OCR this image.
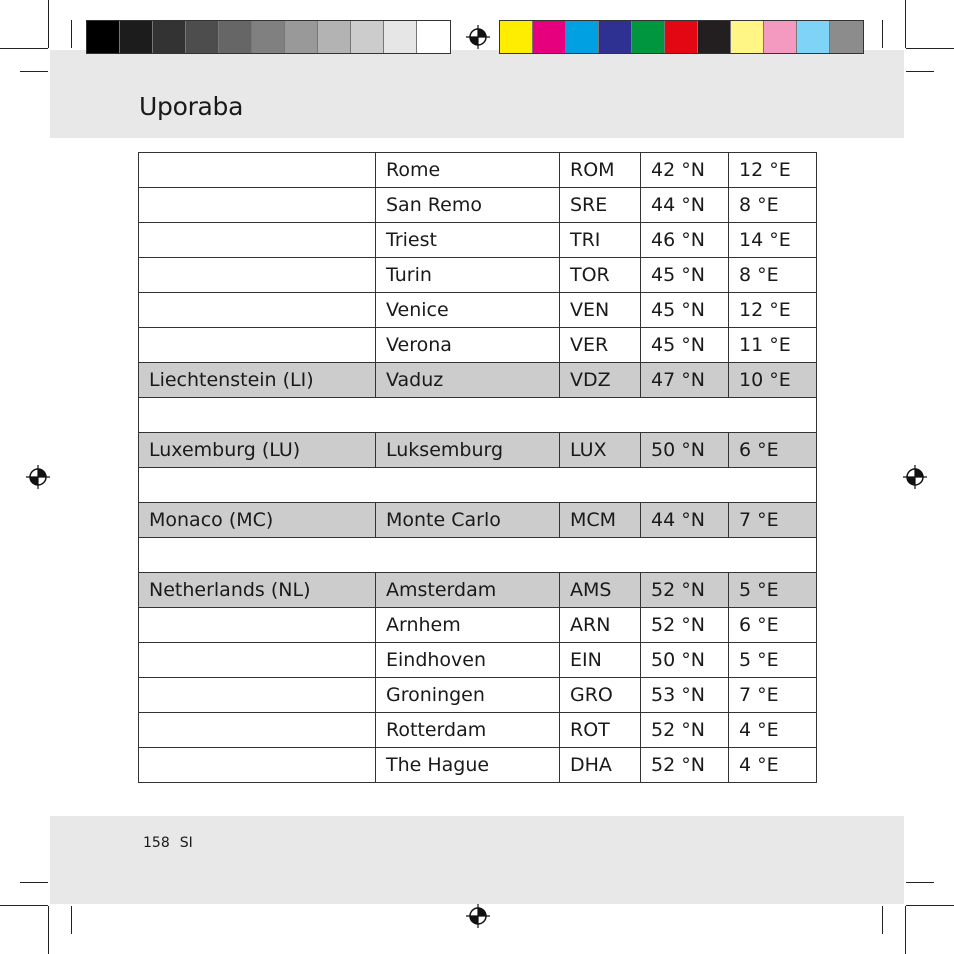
Uporaba
	Rome	ROM	42 °N	12 °E
	San Remo	SRE	44 °N	8 °E
	Triest	TRI	46 °N	14 °E
	Turin	TOR	45 °N	8 °E
	Venice	VEN	45 °N	12 °E
	Verona	VER	45 °N	11 °E
Liechtenstein (LI)	Vaduz	VDZ	47 °N	10 °E

Luxemburg (LU)	Luksemburg	LUX	50 °N	6 °E

Monaco (MC)	Monte Carlo	MCM	44 °N	7 °E

Netherlands (NL)	Amsterdam	AMS	52 °N	5 °E
	Arnhem	ARN	52 °N	6 °E
	Eindhoven	EIN	50 °N	5 °E
	Groningen	GRO	53 °N	7 °E
	Rotterdam	ROT	52 °N	4 °E
	The Hague	DHA	52 °N	4 °E
158 SI
